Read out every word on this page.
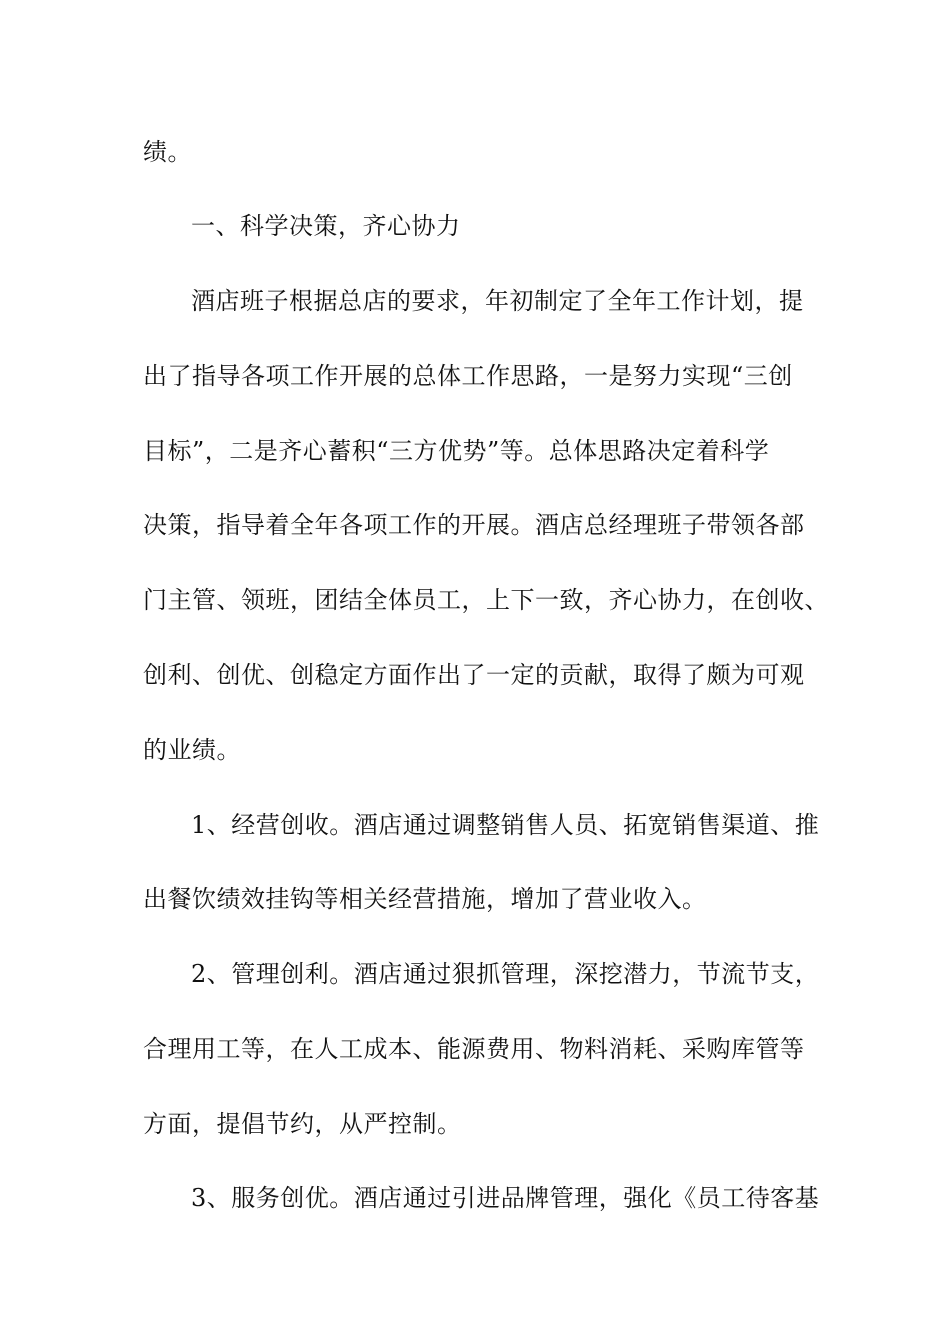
绩。
一、科学决策，齐心协力
酒店班子根据总店的要求，年初制定了全年工作计划，提
出了指导各项工作开展的总体工作思路，一是努力实现“三创
目标”，二是齐心蓄积“三方优势”等。总体思路决定着科学
决策，指导着全年各项工作的开展。酒店总经理班子带领各部
门主管、领班，团结全体员工，上下一致，齐心协力，在创收、
创利、创优、创稳定方面作出了一定的贡献，取得了颇为可观
的业绩。
1、经营创收。酒店通过调整销售人员、拓宽销售渠道、推
出餐饮绩效挂钩等相关经营措施，增加了营业收入。
2、管理创利。酒店通过狠抓管理，深挖潜力，节流节支，
合理用工等，在人工成本、能源费用、物料消耗、采购库管等
方面，提倡节约，从严控制。
3、服务创优。酒店通过引进品牌管理，强化《员工待客基
